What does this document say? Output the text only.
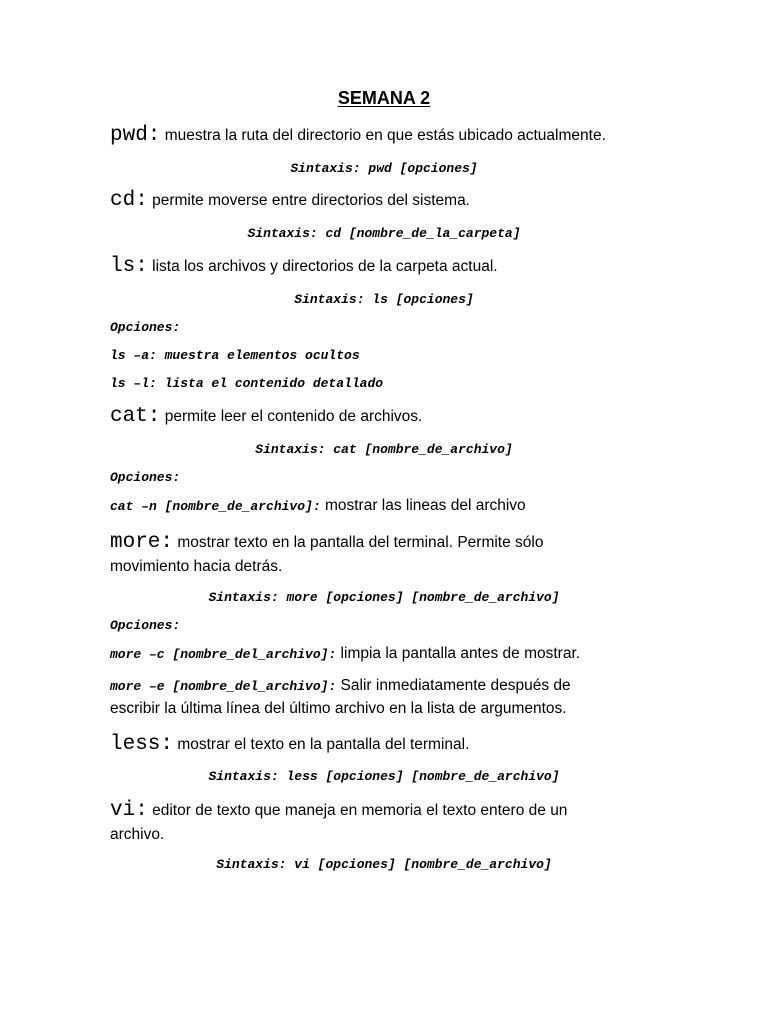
SEMANA 2
pwd: muestra la ruta del directorio en que estás ubicado actualmente.
Sintaxis: pwd [opciones]
cd: permite moverse entre directorios del sistema.
Sintaxis: cd [nombre_de_la_carpeta]
ls: lista los archivos y directorios de la carpeta actual.
Sintaxis: ls [opciones]
Opciones:
ls –a: muestra elementos ocultos
ls –l: lista el contenido detallado
cat: permite leer el contenido de archivos.
Sintaxis: cat [nombre_de_archivo]
Opciones:
cat –n [nombre_de_archivo]: mostrar las lineas del archivo
more: mostrar texto en la pantalla del terminal. Permite sólo
movimiento hacia detrás.
Sintaxis: more [opciones] [nombre_de_archivo]
Opciones:
more –c [nombre_del_archivo]: limpia la pantalla antes de mostrar.
more –e [nombre_del_archivo]: Salir inmediatamente después de
escribir la última línea del último archivo en la lista de argumentos.
less: mostrar el texto en la pantalla del terminal.
Sintaxis: less [opciones] [nombre_de_archivo]
vi: editor de texto que maneja en memoria el texto entero de un
archivo.
Sintaxis: vi [opciones] [nombre_de_archivo]
